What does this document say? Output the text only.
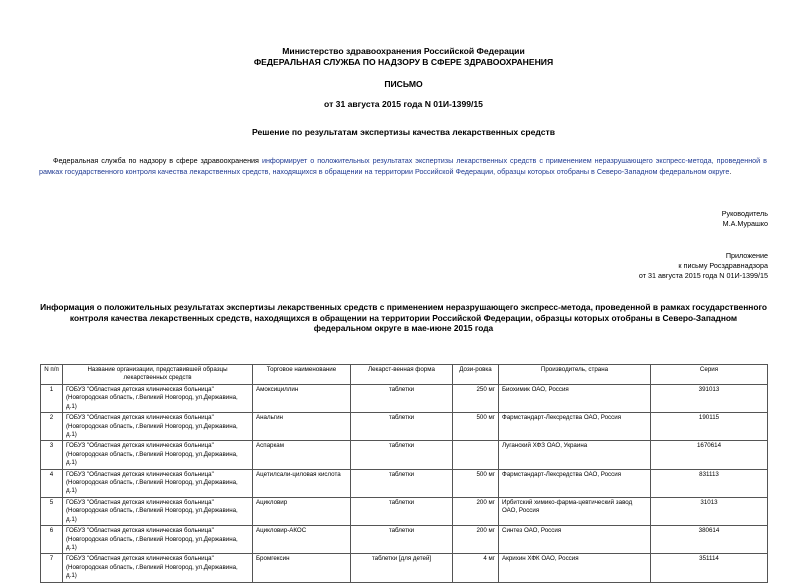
Министерство здравоохранения Российской Федерации
ФЕДЕРАЛЬНАЯ СЛУЖБА ПО НАДЗОРУ В СФЕРЕ ЗДРАВООХРАНЕНИЯ
ПИСЬМО
от 31 августа 2015 года N 01И-1399/15
Решение по результатам экспертизы качества лекарственных средств
Федеральная служба по надзору в сфере здравоохранения информирует о положительных результатах экспертизы лекарственных средств с применением неразрушающего экспресс-метода, проведенной в рамках государственного контроля качества лекарственных средств, находящихся в обращении на территории Российской Федерации, образцы которых отобраны в Северо-Западном федеральном округе.
Руководитель
М.А.Мурашко
Приложение
к письму Росздравнадзора
от 31 августа 2015 года N 01И-1399/15
Информация о положительных результатах экспертизы лекарственных средств с применением неразрушающего экспресс-метода, проведенной в рамках государственного контроля качества лекарственных средств, находящихся в обращении на территории Российской Федерации, образцы которых отобраны в Северо-Западном федеральном округе в мае-июне 2015 года
N п/п	Название организации, представившей образцы лекарственных средств	Торговое наименование	Лекарст-венная форма	Дози-ровка	Производитель, страна	Серия
1	ГОБУЗ "Областная детская клиническая больница" (Новгородская область, г.Великий Новгород, ул.Державина, д.1)	Амоксициллин	таблетки	250 мг	Биохимик ОАО, Россия	391013
2	ГОБУЗ "Областная детская клиническая больница" (Новгородская область, г.Великий Новгород, ул.Державина, д.1)	Анальгин	таблетки	500 мг	Фармстандарт-Лексредства ОАО, Россия	190115
3	ГОБУЗ "Областная детская клиническая больница" (Новгородская область, г.Великий Новгород, ул.Державина, д.1)	Аспаркам	таблетки		Луганский ХФЗ ОАО, Украина	1670614
4	ГОБУЗ "Областная детская клиническая больница" (Новгородская область, г.Великий Новгород, ул.Державина, д.1)	Ацетилсали-циловая кислота	таблетки	500 мг	Фармстандарт-Лексредства ОАО, Россия	831113
5	ГОБУЗ "Областная детская клиническая больница" (Новгородская область, г.Великий Новгород, ул.Державина, д.1)	Ацикловир	таблетки	200 мг	Ирбитский химико-фарма-цевтический завод ОАО, Россия	31013
6	ГОБУЗ "Областная детская клиническая больница" (Новгородская область, г.Великий Новгород, ул.Державина, д.1)	Ацикловир-АКОС	таблетки	200 мг	Синтез ОАО, Россия	380614
7	ГОБУЗ "Областная детская клиническая больница" (Новгородская область, г.Великий Новгород, ул.Державина, д.1)	Бромгексин	таблетки [для детей]	4 мг	Акрихин ХФК ОАО, Россия	351114
